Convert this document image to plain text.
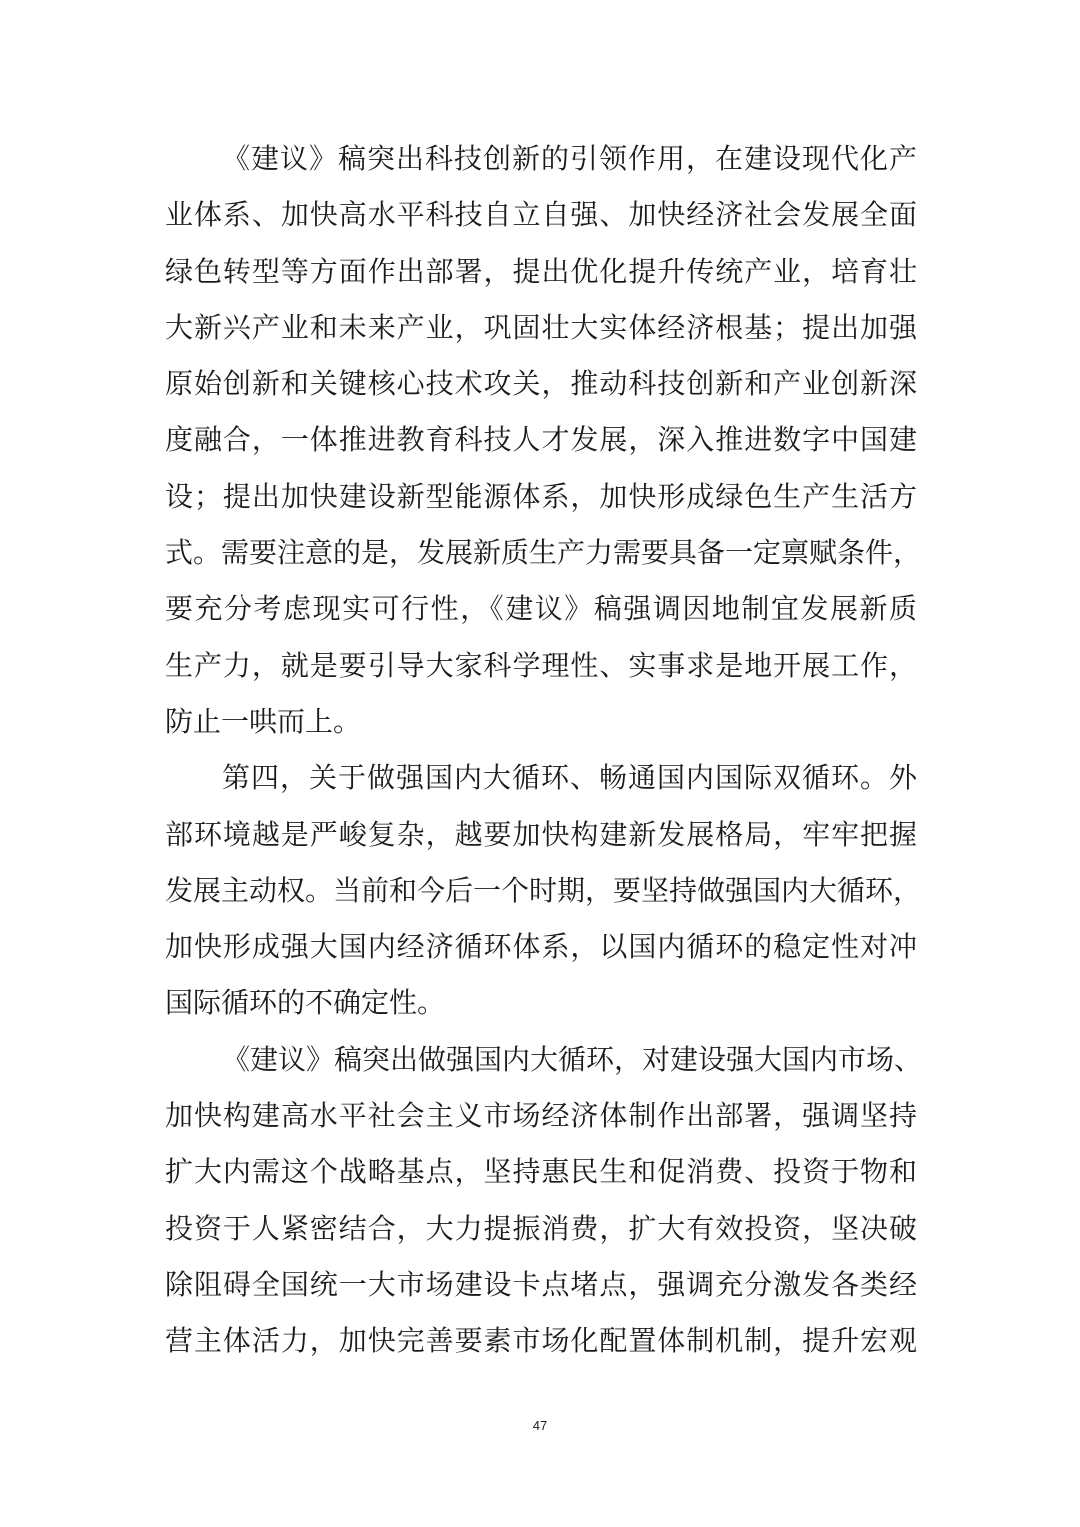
《建议》稿突出科技创新的引领作用，在建设现代化产
业体系、加快高水平科技自立自强、加快经济社会发展全面
绿色转型等方面作出部署，提出优化提升传统产业，培育壮
大新兴产业和未来产业，巩固壮大实体经济根基；提出加强
原始创新和关键核心技术攻关，推动科技创新和产业创新深
度融合，一体推进教育科技人才发展，深入推进数字中国建
设；提出加快建设新型能源体系，加快形成绿色生产生活方
式。需要注意的是，发展新质生产力需要具备一定禀赋条件，
要充分考虑现实可行性，《建议》稿强调因地制宜发展新质
生产力，就是要引导大家科学理性、实事求是地开展工作，
防止一哄而上。
第四，关于做强国内大循环、畅通国内国际双循环。外
部环境越是严峻复杂，越要加快构建新发展格局，牢牢把握
发展主动权。当前和今后一个时期，要坚持做强国内大循环，
加快形成强大国内经济循环体系，以国内循环的稳定性对冲
国际循环的不确定性。
《建议》稿突出做强国内大循环，对建设强大国内市场、
加快构建高水平社会主义市场经济体制作出部署，强调坚持
扩大内需这个战略基点，坚持惠民生和促消费、投资于物和
投资于人紧密结合，大力提振消费，扩大有效投资，坚决破
除阻碍全国统一大市场建设卡点堵点，强调充分激发各类经
营主体活力，加快完善要素市场化配置体制机制，提升宏观
47
